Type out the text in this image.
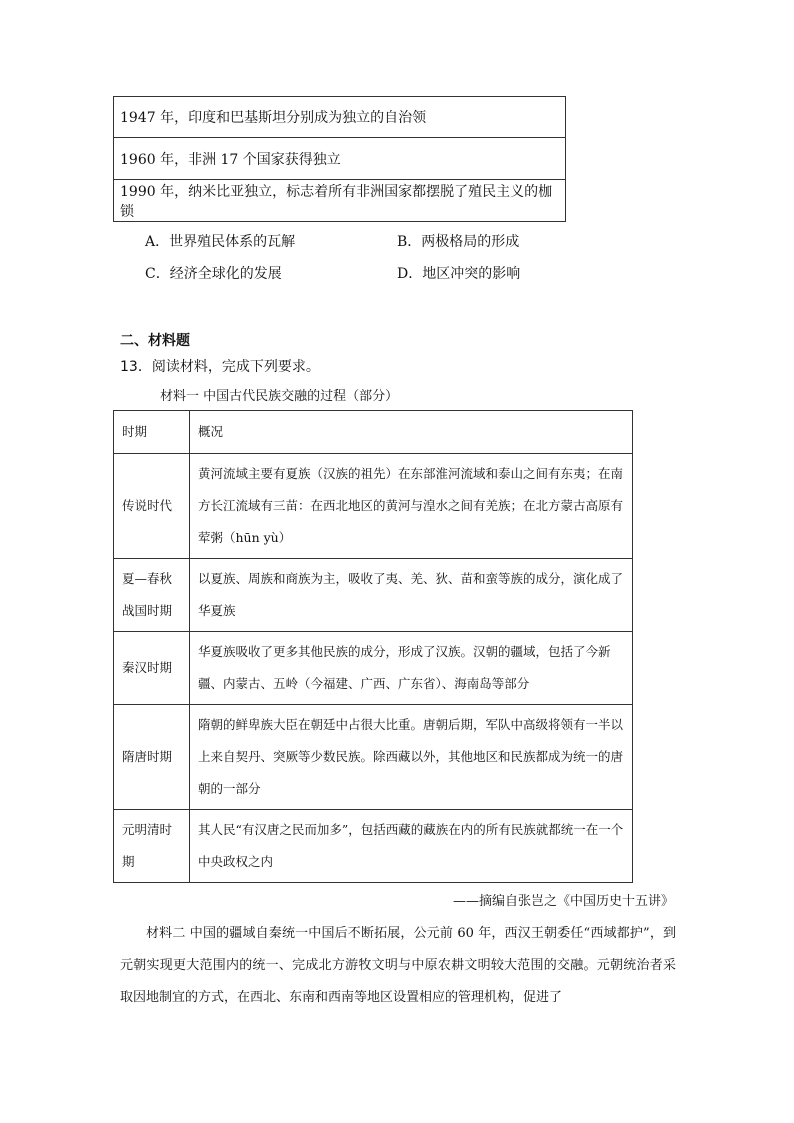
1947 年，印度和巴基斯坦分别成为独立的自治领
1960 年，非洲 17 个国家获得独立
1990 年，纳米比亚独立，标志着所有非洲国家都摆脱了殖民主义的枷锁
A．世界殖民体系的瓦解	B．两极格局的形成
C．经济全球化的发展	D．地区冲突的影响
二、材料题
13．阅读材料，完成下列要求。
材料一 中国古代民族交融的过程（部分）
时期	概况
传说时代	黄河流域主要有夏族（汉族的祖先）在东部淮河流域和泰山之间有东夷；在南方长江流域有三苗：在西北地区的黄河与湟水之间有羌族；在北方蒙古高原有荤粥（hūn yù）
夏—春秋战国时期	以夏族、周族和商族为主，吸收了夷、羌、狄、苗和蛮等族的成分，演化成了华夏族
秦汉时期	华夏族吸收了更多其他民族的成分，形成了汉族。汉朝的疆域，包括了今新疆、内蒙古、五岭（今福建、广西、广东省）、海南岛等部分
隋唐时期	隋朝的鲜卑族大臣在朝廷中占很大比重。唐朝后期，军队中高级将领有一半以上来自契丹、突厥等少数民族。除西藏以外，其他地区和民族都成为统一的唐朝的一部分
元明清时期	其人民“有汉唐之民而加多”，包括西藏的藏族在内的所有民族就都统一在一个中央政权之内
——摘编自张岂之《中国历史十五讲》
材料二 中国的疆域自秦统一中国后不断拓展，公元前 60 年，西汉王朝委任“西域都护”，到元朝实现更大范围内的统一、完成北方游牧文明与中原农耕文明较大范围的交融。元朝统治者采取因地制宜的方式，在西北、东南和西南等地区设置相应的管理机构，促进了
